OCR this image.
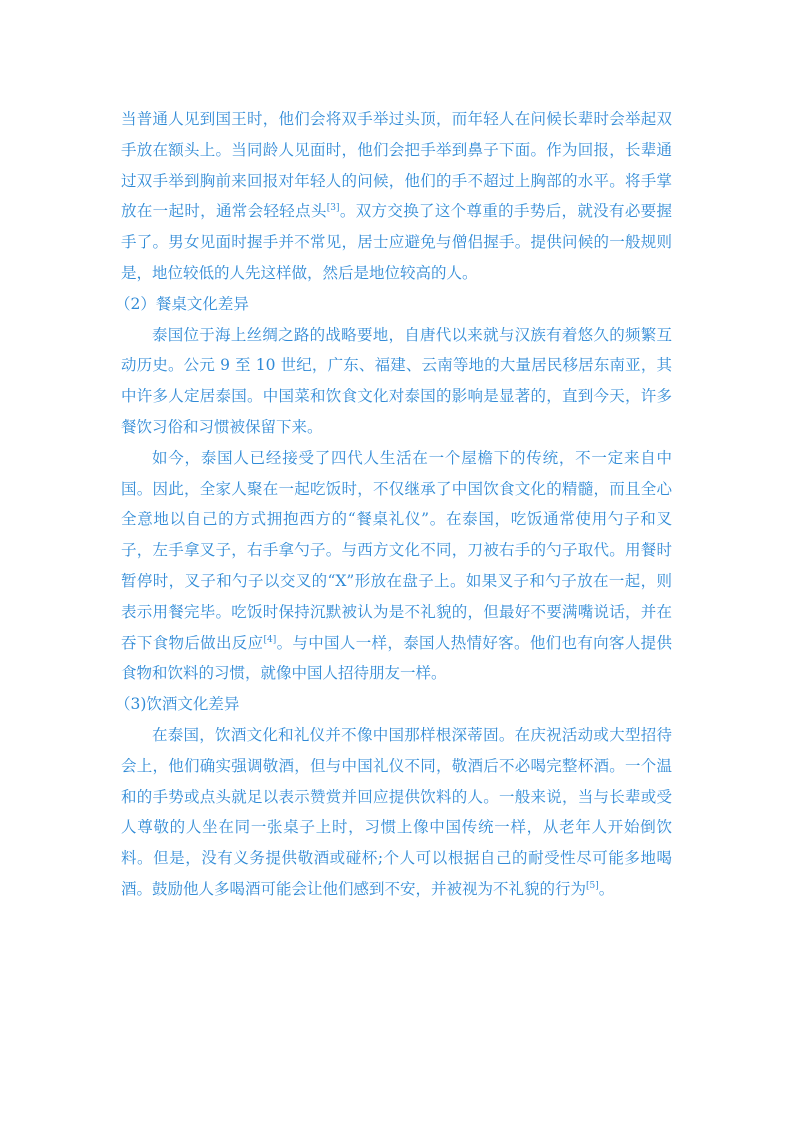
当普通人见到国王时，他们会将双手举过头顶，而年轻人在问候长辈时会举起双手放在额头上。当同龄人见面时，他们会把手举到鼻子下面。作为回报，长辈通过双手举到胸前来回报对年轻人的问候，他们的手不超过上胸部的水平。将手掌放在一起时，通常会轻轻点头[3]。双方交换了这个尊重的手势后，就没有必要握手了。男女见面时握手并不常见，居士应避免与僧侣握手。提供问候的一般规则是，地位较低的人先这样做，然后是地位较高的人。

（2）餐桌文化差异

泰国位于海上丝绸之路的战略要地，自唐代以来就与汉族有着悠久的频繁互动历史。公元 9 至 10 世纪，广东、福建、云南等地的大量居民移居东南亚，其中许多人定居泰国。中国菜和饮食文化对泰国的影响是显著的，直到今天，许多餐饮习俗和习惯被保留下来。

如今，泰国人已经接受了四代人生活在一个屋檐下的传统，不一定来自中国。因此，全家人聚在一起吃饭时，不仅继承了中国饮食文化的精髓，而且全心全意地以自己的方式拥抱西方的“餐桌礼仪”。在泰国，吃饭通常使用勺子和叉子，左手拿叉子，右手拿勺子。与西方文化不同，刀被右手的勺子取代。用餐时暂停时，叉子和勺子以交叉的“X”形放在盘子上。如果叉子和勺子放在一起，则表示用餐完毕。吃饭时保持沉默被认为是不礼貌的，但最好不要满嘴说话，并在吞下食物后做出反应[4]。与中国人一样，泰国人热情好客。他们也有向客人提供食物和饮料的习惯，就像中国人招待朋友一样。

（3)饮酒文化差异

在泰国，饮酒文化和礼仪并不像中国那样根深蒂固。在庆祝活动或大型招待会上，他们确实强调敬酒，但与中国礼仪不同，敬酒后不必喝完整杯酒。一个温和的手势或点头就足以表示赞赏并回应提供饮料的人。一般来说，当与长辈或受人尊敬的人坐在同一张桌子上时，习惯上像中国传统一样，从老年人开始倒饮料。但是，没有义务提供敬酒或碰杯;个人可以根据自己的耐受性尽可能多地喝酒。鼓励他人多喝酒可能会让他们感到不安，并被视为不礼貌的行为[5]。
